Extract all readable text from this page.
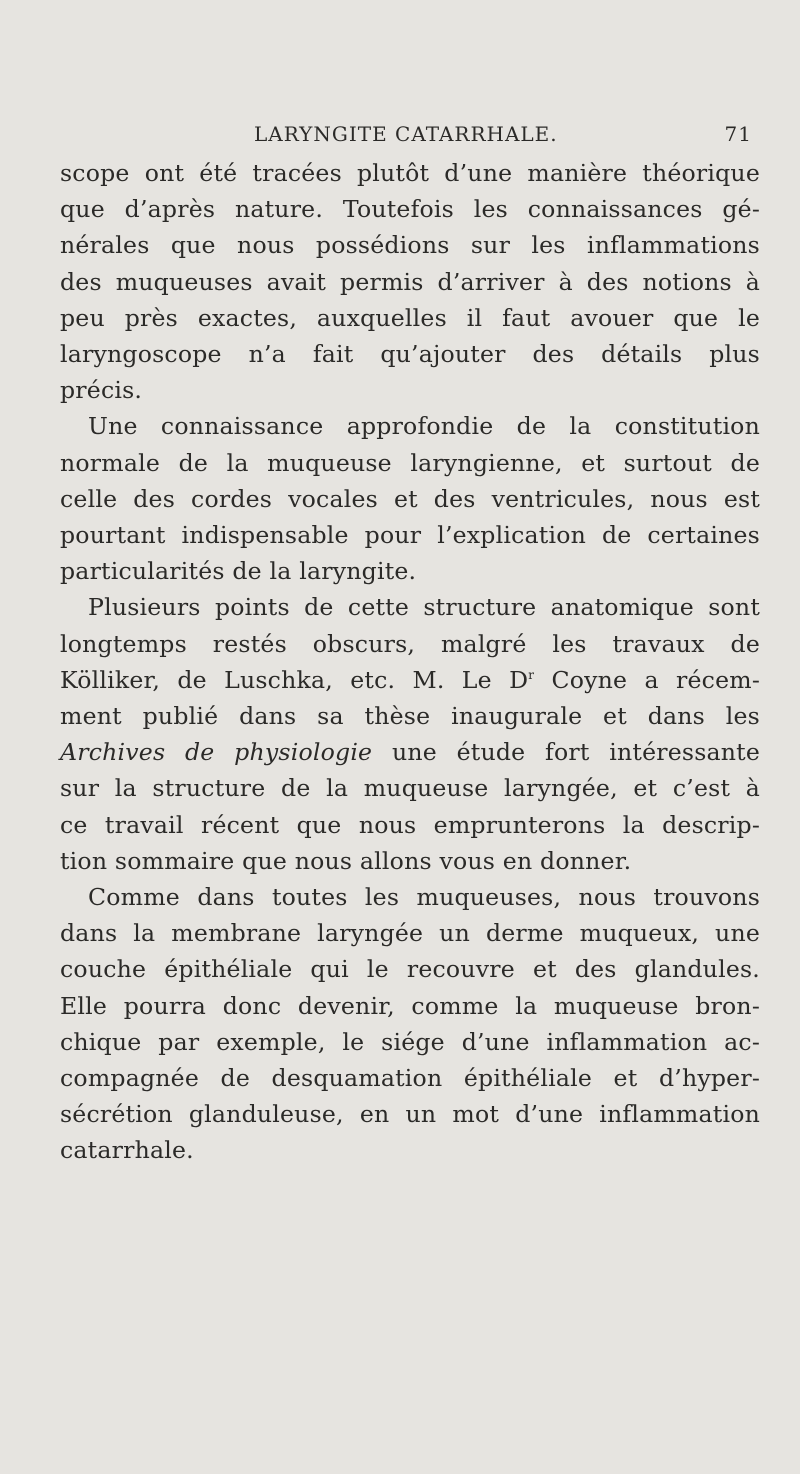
LARYNGITE CATARRHALE.	71

scope ont été tracées plutôt d’une manière théorique
que d’après nature. Toutefois les connaissances gé-
nérales que nous possédions sur les inflammations
des muqueuses avait permis d’arriver à des notions à
peu près exactes, auxquelles il faut avouer que le
laryngoscope n’a fait qu’ajouter des détails plus
précis.

Une connaissance approfondie de la constitution
normale de la muqueuse laryngienne, et surtout de
celle des cordes vocales et des ventricules, nous est
pourtant indispensable pour l’explication de certaines
particularités de la laryngite.

Plusieurs points de cette structure anatomique sont
longtemps restés obscurs, malgré les travaux de
Kölliker, de Luschka, etc. M. Le $D^r$ Coyne a récem-
ment publié dans sa thèse inaugurale et dans les
Archives de physiologie une étude fort intéressante
sur la structure de la muqueuse laryngée, et c’est à
ce travail récent que nous emprunterons la descrip-
tion sommaire que nous allons vous en donner.

Comme dans toutes les muqueuses, nous trouvons
dans la membrane laryngée un derme muqueux, une
couche épithéliale qui le recouvre et des glandules.
Elle pourra donc devenir, comme la muqueuse bron-
chique par exemple, le siége d’une inflammation ac-
compagnée de desquamation épithéliale et d’hyper-
sécrétion glanduleuse, en un mot d’une inflammation
catarrhale.
